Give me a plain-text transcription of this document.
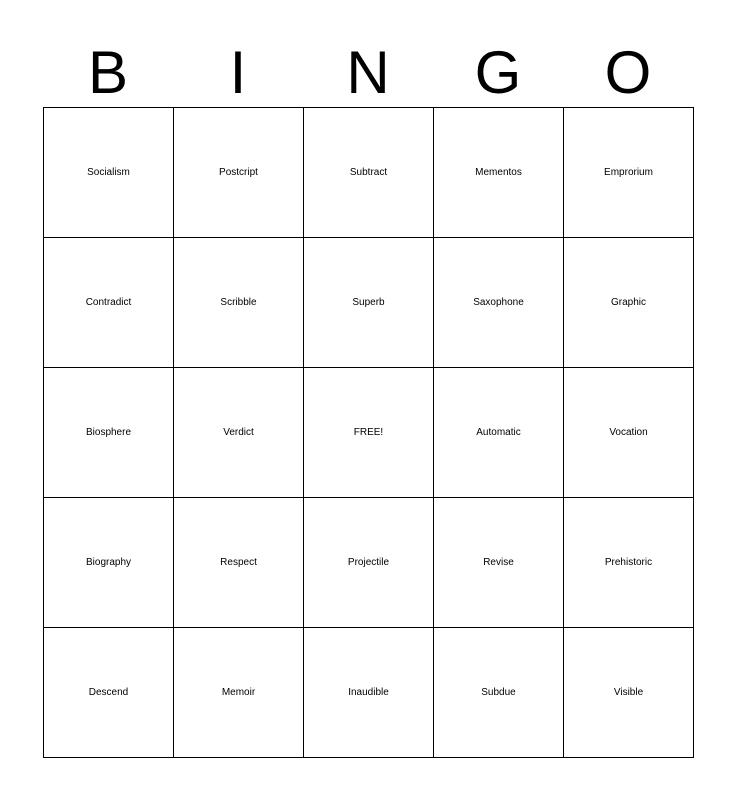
B	I	N	G	O
Socialism	Postcript	Subtract	Mementos	Emprorium
Contradict	Scribble	Superb	Saxophone	Graphic
Biosphere	Verdict	FREE!	Automatic	Vocation
Biography	Respect	Projectile	Revise	Prehistoric
Descend	Memoir	Inaudible	Subdue	Visible
